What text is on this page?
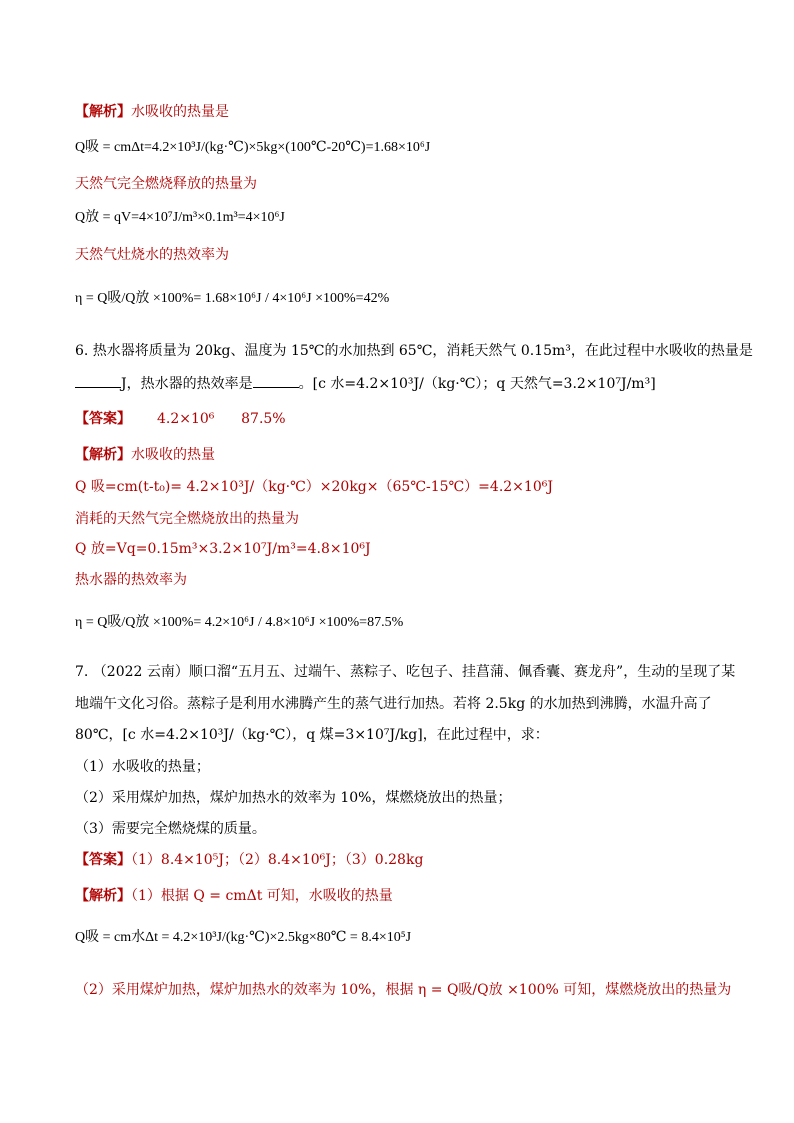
【解析】水吸收的热量是
Q吸 = cmΔt=4.2×10³J/(kg·℃)×5kg×(100℃-20℃)=1.68×10⁶J
天然气完全燃烧释放的热量为
Q放 = qV=4×10⁷J/m³×0.1m³=4×10⁶J
天然气灶烧水的热效率为
η = Q吸/Q放 ×100%= 1.68×10⁶J / 4×10⁶J ×100%=42%
6. 热水器将质量为 20kg、温度为 15℃的水加热到 65℃，消耗天然气 0.15m³，在此过程中水吸收的热量是
J，热水器的热效率是	。[c 水=4.2×10³J/（kg·℃）；q 天然气=3.2×10⁷J/m³]
【答案】 4.2×10⁶      87.5%
【解析】水吸收的热量
Q 吸=cm(t-t₀)= 4.2×10³J/（kg·℃）×20kg×（65℃-15℃）=4.2×10⁶J
消耗的天然气完全燃烧放出的热量为
Q 放=Vq=0.15m³×3.2×10⁷J/m³=4.8×10⁶J
热水器的热效率为
η = Q吸/Q放 ×100%= 4.2×10⁶J / 4.8×10⁶J ×100%=87.5%
7. （2022 云南）顺口溜“五月五、过端午、蒸粽子、吃包子、挂菖蒲、佩香囊、赛龙舟”，生动的呈现了某
地端午文化习俗。蒸粽子是利用水沸腾产生的蒸气进行加热。若将 2.5kg 的水加热到沸腾，水温升高了
80℃，[c 水=4.2×10³J/（kg·℃），q 煤=3×10⁷J/kg]，在此过程中，求：
（1）水吸收的热量；
（2）采用煤炉加热，煤炉加热水的效率为 10%，煤燃烧放出的热量；
（3）需要完全燃烧煤的质量。
【答案】（1）8.4×10⁵J；（2）8.4×10⁶J；（3）0.28kg
【解析】（1）根据 Q = cmΔt 可知，水吸收的热量
Q吸 = cm水Δt = 4.2×10³J/(kg·℃)×2.5kg×80℃ = 8.4×10⁵J
（2）采用煤炉加热，煤炉加热水的效率为 10%，根据 η = Q吸/Q放 ×100% 可知，煤燃烧放出的热量为
